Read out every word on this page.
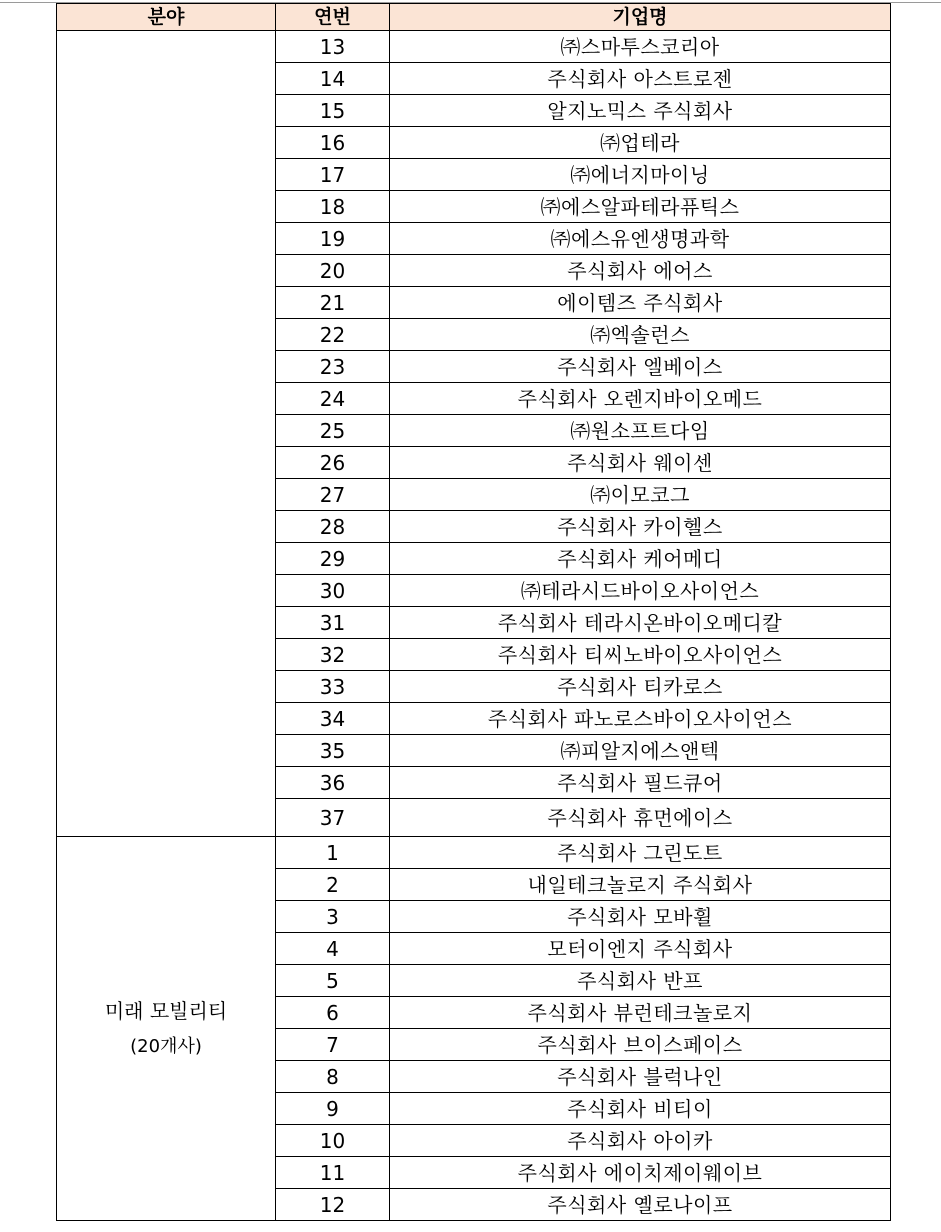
분야	연번	기업명

	13	㈜스마투스코리아
	14	주식회사 아스트로젠
	15	알지노믹스 주식회사
	16	㈜업테라
	17	㈜에너지마이닝
	18	㈜에스알파테라퓨틱스
	19	㈜에스유엔생명과학
	20	주식회사 에어스
	21	에이템즈 주식회사
	22	㈜엑솔런스
	23	주식회사 엘베이스
	24	주식회사 오렌지바이오메드
	25	㈜원소프트다임
	26	주식회사 웨이센
	27	㈜이모코그
	28	주식회사 카이헬스
	29	주식회사 케어메디
	30	㈜테라시드바이오사이언스
	31	주식회사 테라시온바이오메디칼
	32	주식회사 티씨노바이오사이언스
	33	주식회사 티카로스
	34	주식회사 파노로스바이오사이언스
	35	㈜피알지에스앤텍
	36	주식회사 필드큐어
	37	주식회사 휴먼에이스

미래 모빌리티
(20개사)	1	주식회사 그린도트
	2	내일테크놀로지 주식회사
	3	주식회사 모바휠
	4	모터이엔지 주식회사
	5	주식회사 반프
	6	주식회사 뷰런테크놀로지
	7	주식회사 브이스페이스
	8	주식회사 블럭나인
	9	주식회사 비티이
	10	주식회사 아이카
	11	주식회사 에이치제이웨이브
	12	주식회사 옐로나이프
